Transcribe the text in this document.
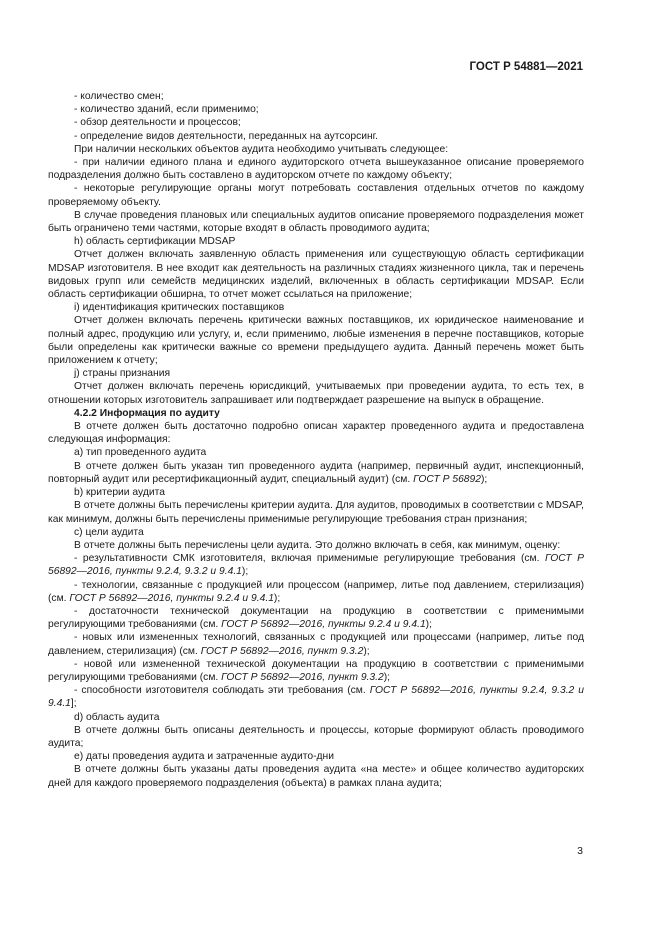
ГОСТ Р 54881—2021
- количество смен;
- количество зданий, если применимо;
- обзор деятельности и процессов;
- определение видов деятельности, переданных на аутсорсинг.
При наличии нескольких объектов аудита необходимо учитывать следующее:
- при наличии единого плана и единого аудиторского отчета вышеуказанное описание проверяемого подразделения должно быть составлено в аудиторском отчете по каждому объекту;
- некоторые регулирующие органы могут потребовать составления отдельных отчетов по каждому проверяемому объекту.
В случае проведения плановых или специальных аудитов описание проверяемого подразделения может быть ограничено теми частями, которые входят в область проводимого аудита;
h) область сертификации MDSAP
Отчет должен включать заявленную область применения или существующую область сертификации MDSAP изготовителя. В нее входит как деятельность на различных стадиях жизненного цикла, так и перечень видовых групп или семейств медицинских изделий, включенных в область сертификации MDSAP. Если область сертификации обширна, то отчет может ссылаться на приложение;
i) идентификация критических поставщиков
Отчет должен включать перечень критически важных поставщиков, их юридическое наименование и полный адрес, продукцию или услугу, и, если применимо, любые изменения в перечне поставщиков, которые были определены как критически важные со времени предыдущего аудита. Данный перечень может быть приложением к отчету;
j) страны признания
Отчет должен включать перечень юрисдикций, учитываемых при проведении аудита, то есть тех, в отношении которых изготовитель запрашивает или подтверждает разрешение на выпуск в обращение.
4.2.2 Информация по аудиту
В отчете должен быть достаточно подробно описан характер проведенного аудита и предоставлена следующая информация:
a) тип проведенного аудита
В отчете должен быть указан тип проведенного аудита (например, первичный аудит, инспекционный, повторный аудит или ресертификационный аудит, специальный аудит) (см. ГОСТ Р 56892);
b) критерии аудита
В отчете должны быть перечислены критерии аудита. Для аудитов, проводимых в соответствии с MDSAP, как минимум, должны быть перечислены применимые регулирующие требования стран признания;
c) цели аудита
В отчете должны быть перечислены цели аудита. Это должно включать в себя, как минимум, оценку:
- результативности СМК изготовителя, включая применимые регулирующие требования (см. ГОСТ Р 56892—2016, пункты 9.2.4, 9.3.2 и 9.4.1);
- технологии, связанные с продукцией или процессом (например, литье под давлением, стерилизация) (см. ГОСТ Р 56892—2016, пункты 9.2.4 и 9.4.1);
- достаточности технической документации на продукцию в соответствии с применимыми регулирующими требованиями (см. ГОСТ Р 56892—2016, пункты 9.2.4 и 9.4.1);
- новых или измененных технологий, связанных с продукцией или процессами (например, литье под давлением, стерилизация) (см. ГОСТ Р 56892—2016, пункт 9.3.2);
- новой или измененной технической документации на продукцию в соответствии с применимыми регулирующими требованиями (см. ГОСТ Р 56892—2016, пункт 9.3.2);
- способности изготовителя соблюдать эти требования (см. ГОСТ Р 56892—2016, пункты 9.2.4, 9.3.2 и 9.4.1];
d) область аудита
В отчете должны быть описаны деятельность и процессы, которые формируют область проводимого аудита;
e) даты проведения аудита и затраченные аудито-дни
В отчете должны быть указаны даты проведения аудита «на месте» и общее количество аудиторских дней для каждого проверяемого подразделения (объекта) в рамках плана аудита;
3
